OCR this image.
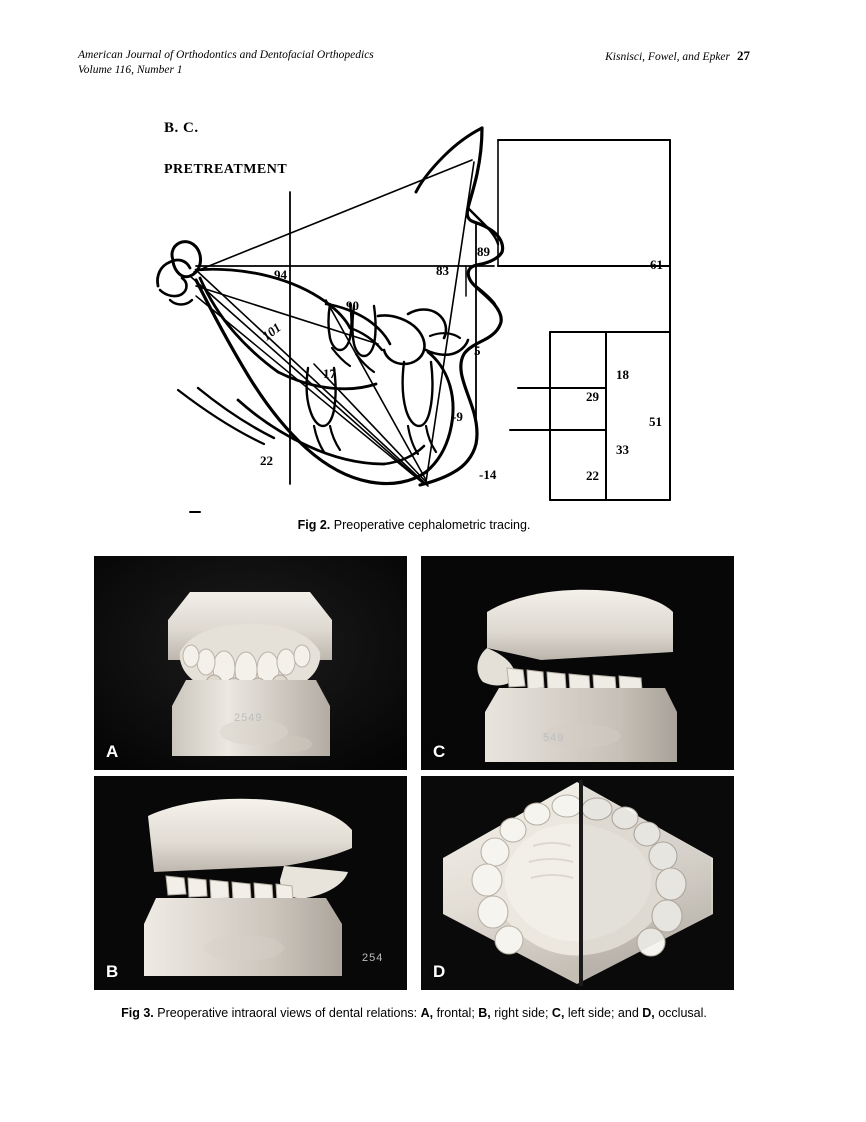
American Journal of Orthodontics and Dentofacial Orthopedics
Volume 116, Number 1
Kisnisci, Fowel, and Epker 27
B. C.
PRETREATMENT
89
83	61
94
90
101
5
18
17
29
-9	51
33
22
-14	22
Fig 2. Preoperative cephalometric tracing.
2549
A
549
C
254
B	D
Fig 3. Preoperative intraoral views of dental relations: A, frontal; B, right side; C, left side; and D, occlusal.
